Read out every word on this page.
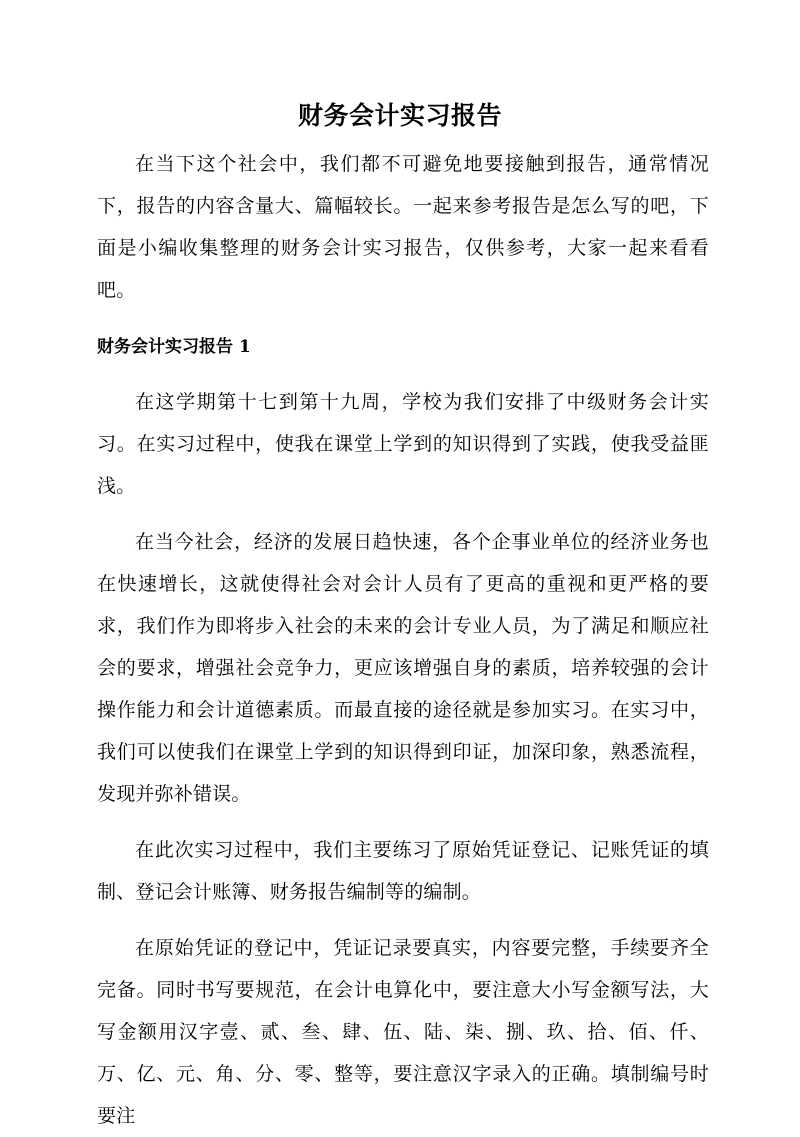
财务会计实习报告

在当下这个社会中，我们都不可避免地要接触到报告，通常情况下，报告的内容含量大、篇幅较长。一起来参考报告是怎么写的吧，下面是小编收集整理的财务会计实习报告，仅供参考，大家一起来看看吧。

财务会计实习报告 1

在这学期第十七到第十九周，学校为我们安排了中级财务会计实习。在实习过程中，使我在课堂上学到的知识得到了实践，使我受益匪浅。

在当今社会，经济的发展日趋快速，各个企事业单位的经济业务也在快速增长，这就使得社会对会计人员有了更高的重视和更严格的要求，我们作为即将步入社会的未来的会计专业人员，为了满足和顺应社会的要求，增强社会竞争力，更应该增强自身的素质，培养较强的会计操作能力和会计道德素质。而最直接的途径就是参加实习。在实习中，我们可以使我们在课堂上学到的知识得到印证，加深印象，熟悉流程，发现并弥补错误。

在此次实习过程中，我们主要练习了原始凭证登记、记账凭证的填制、登记会计账簿、财务报告编制等的编制。

在原始凭证的登记中，凭证记录要真实，内容要完整，手续要齐全完备。同时书写要规范，在会计电算化中，要注意大小写金额写法，大写金额用汉字壹、贰、叁、肆、伍、陆、柒、捌、玖、拾、佰、仟、万、亿、元、角、分、零、整等，要注意汉字录入的正确。填制编号时要注
